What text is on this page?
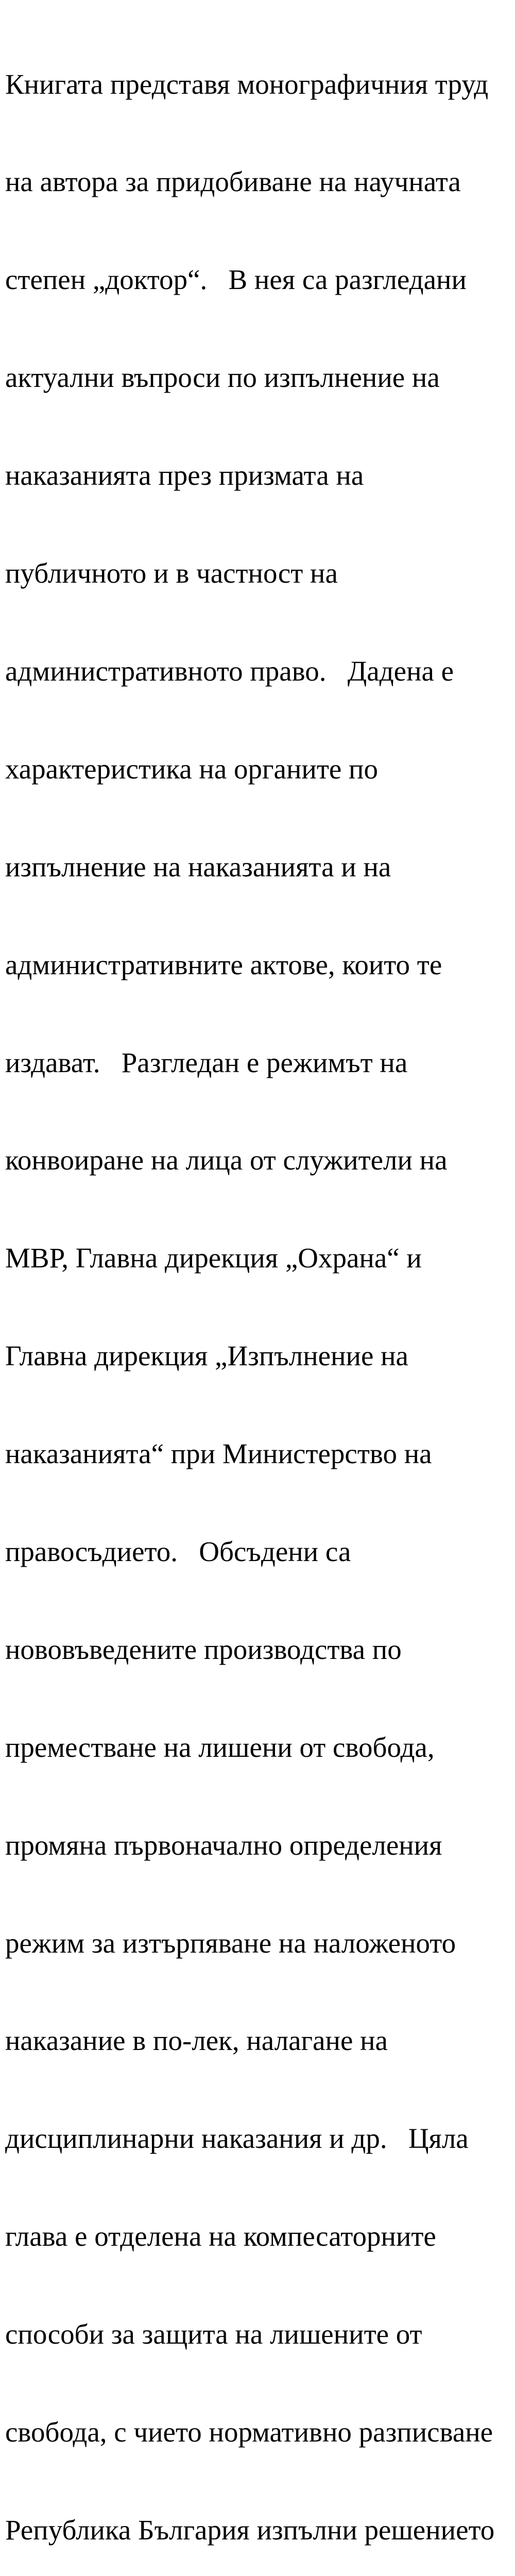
Книгата представя монографичния труд

на автора за придобиване на научната

степен „доктор“.   В нея са разгледани

актуални въпроси по изпълнение на

наказанията през призмата на

публичното и в частност на

административното право.   Дадена е

характеристика на органите по

изпълнение на наказанията и на

административните актове, които те

издават.   Разгледан е режимът на

конвоиране на лица от служители на

МВР, Главна дирекция „Охрана“ и

Главна дирекция „Изпълнение на

наказанията“ при Министерство на

правосъдието.   Обсъдени са

нововъведените производства по

преместване на лишени от свобода,

промяна първоначално определения

режим за изтърпяване на наложеното

наказание в по-лек, налагане на

дисциплинарни наказания и др.   Цяла

глава е отделена на компесаторните

способи за защита на лишените от

свобода, с чието нормативно разписване

Република България изпълни решението
